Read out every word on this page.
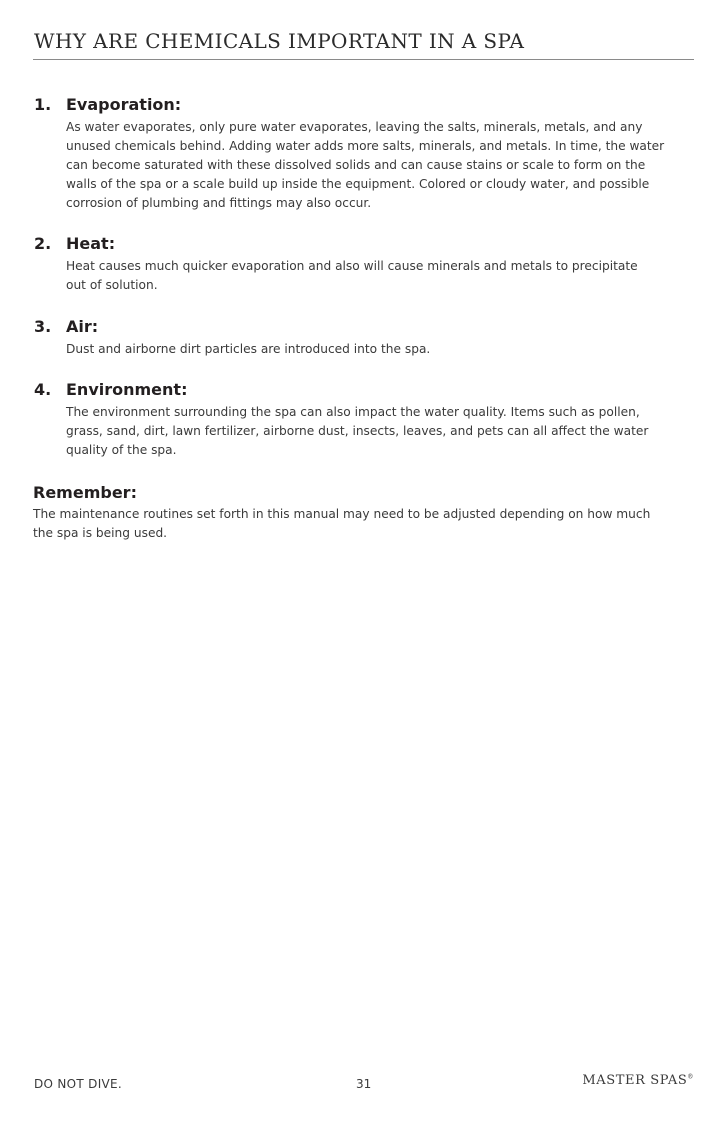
WHY ARE CHEMICALS IMPORTANT IN A SPA
1. Evaporation:
As water evaporates, only pure water evaporates, leaving the salts, minerals, metals, and any
unused chemicals behind. Adding water adds more salts, minerals, and metals. In time, the water
can become saturated with these dissolved solids and can cause stains or scale to form on the
walls of the spa or a scale build up inside the equipment. Colored or cloudy water, and possible
corrosion of plumbing and fittings may also occur.
2. Heat:
Heat causes much quicker evaporation and also will cause minerals and metals to precipitate
out of solution.
3. Air:
Dust and airborne dirt particles are introduced into the spa.
4. Environment:
The environment surrounding the spa can also impact the water quality. Items such as pollen,
grass, sand, dirt, lawn fertilizer, airborne dust, insects, leaves, and pets can all affect the water
quality of the spa.
Remember:
The maintenance routines set forth in this manual may need to be adjusted depending on how much
the spa is being used.
DO NOT DIVE.	31	MASTER SPAS®
